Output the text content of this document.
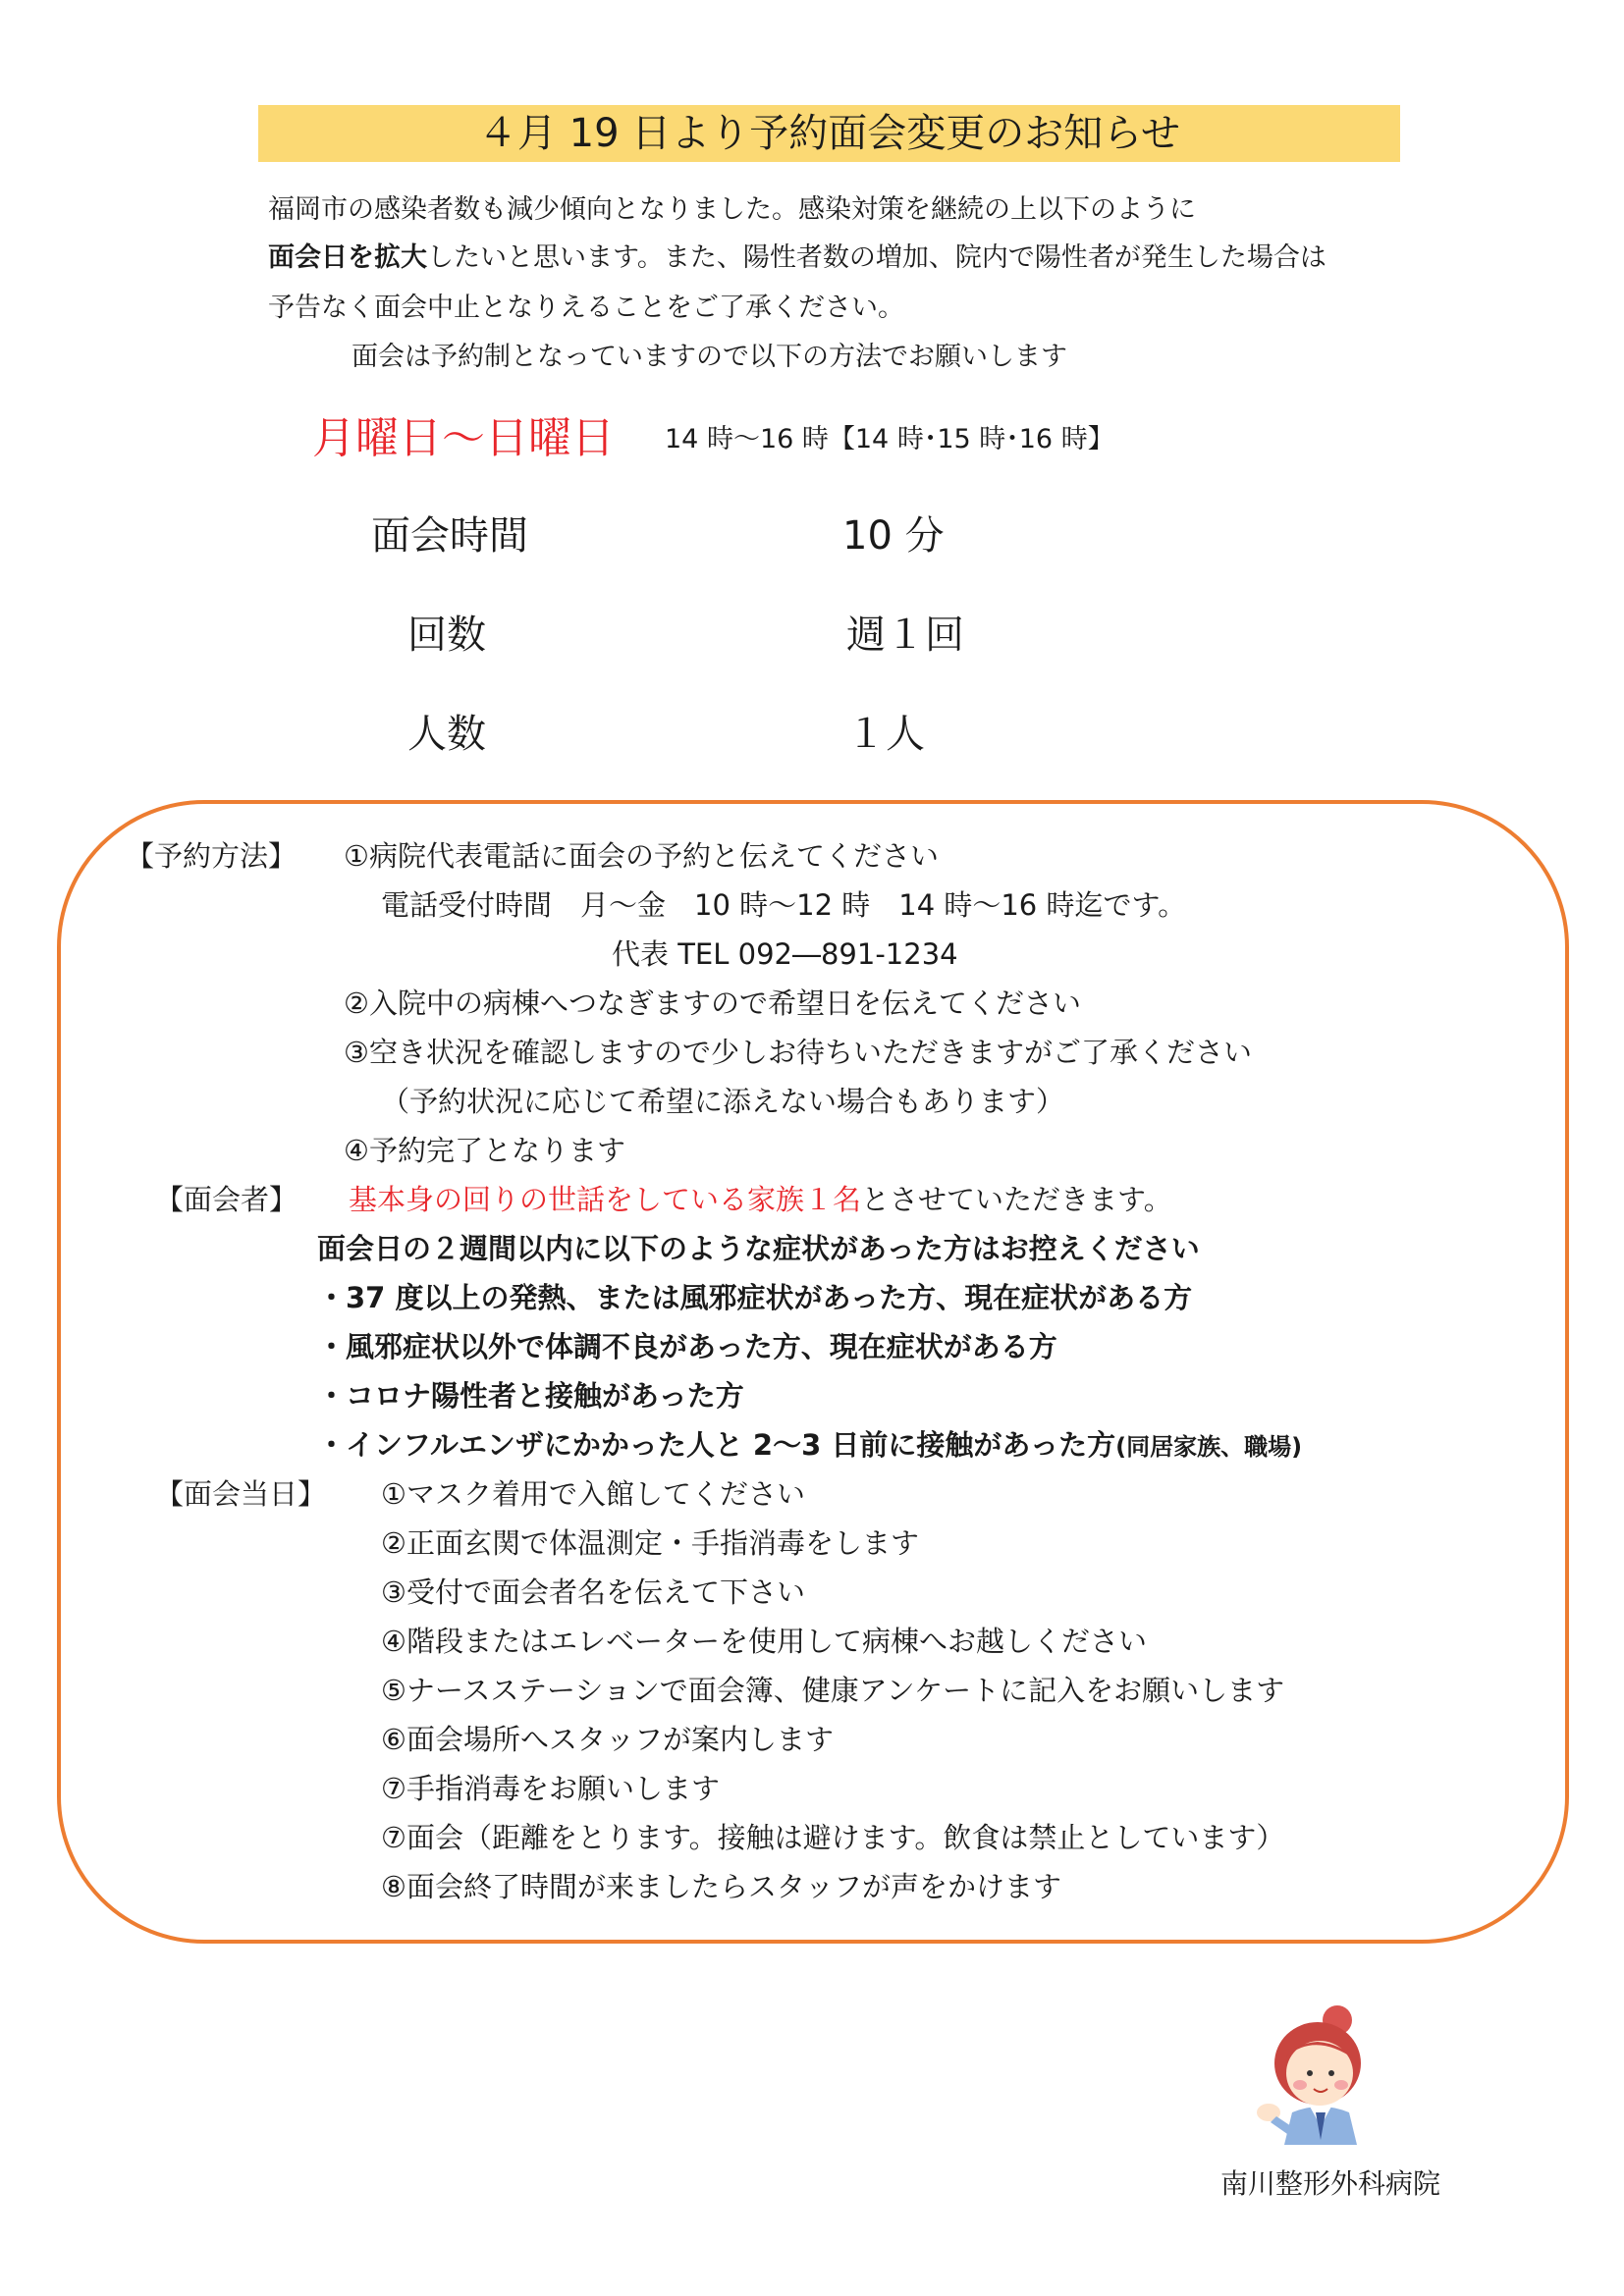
４月 19 日より予約面会変更のお知らせ
福岡市の感染者数も減少傾向となりました。感染対策を継続の上以下のように
面会日を拡大したいと思います。また、陽性者数の増加、院内で陽性者が発生した場合は
予告なく面会中止となりえることをご了承ください。
面会は予約制となっていますので以下の方法でお願いします
月曜日～日曜日 14 時～16 時【14 時･15 時･16 時】
面会時間	10 分
回数	週１回
人数	１人
【予約方法】 ①病院代表電話に面会の予約と伝えてください
電話受付時間　月～金　10 時～12 時　14 時～16 時迄です。
代表 TEL 092―891-1234
②入院中の病棟へつなぎますので希望日を伝えてください
③空き状況を確認しますので少しお待ちいただきますがご了承ください
（予約状況に応じて希望に添えない場合もあります）
④予約完了となります
【面会者】 基本身の回りの世話をしている家族１名とさせていただきます。
面会日の２週間以内に以下のような症状があった方はお控えください
・37 度以上の発熱、または風邪症状があった方、現在症状がある方
・風邪症状以外で体調不良があった方、現在症状がある方
・コロナ陽性者と接触があった方
・インフルエンザにかかった人と 2～3 日前に接触があった方(同居家族、職場)
【面会当日】 ①マスク着用で入館してください
②正面玄関で体温測定・手指消毒をします
③受付で面会者名を伝えて下さい
④階段またはエレベーターを使用して病棟へお越しください
⑤ナースステーションで面会簿、健康アンケートに記入をお願いします
⑥面会場所へスタッフが案内します
⑦手指消毒をお願いします
⑦面会（距離をとります。接触は避けます。飲食は禁止としています）
⑧面会終了時間が来ましたらスタッフが声をかけます
南川整形外科病院
